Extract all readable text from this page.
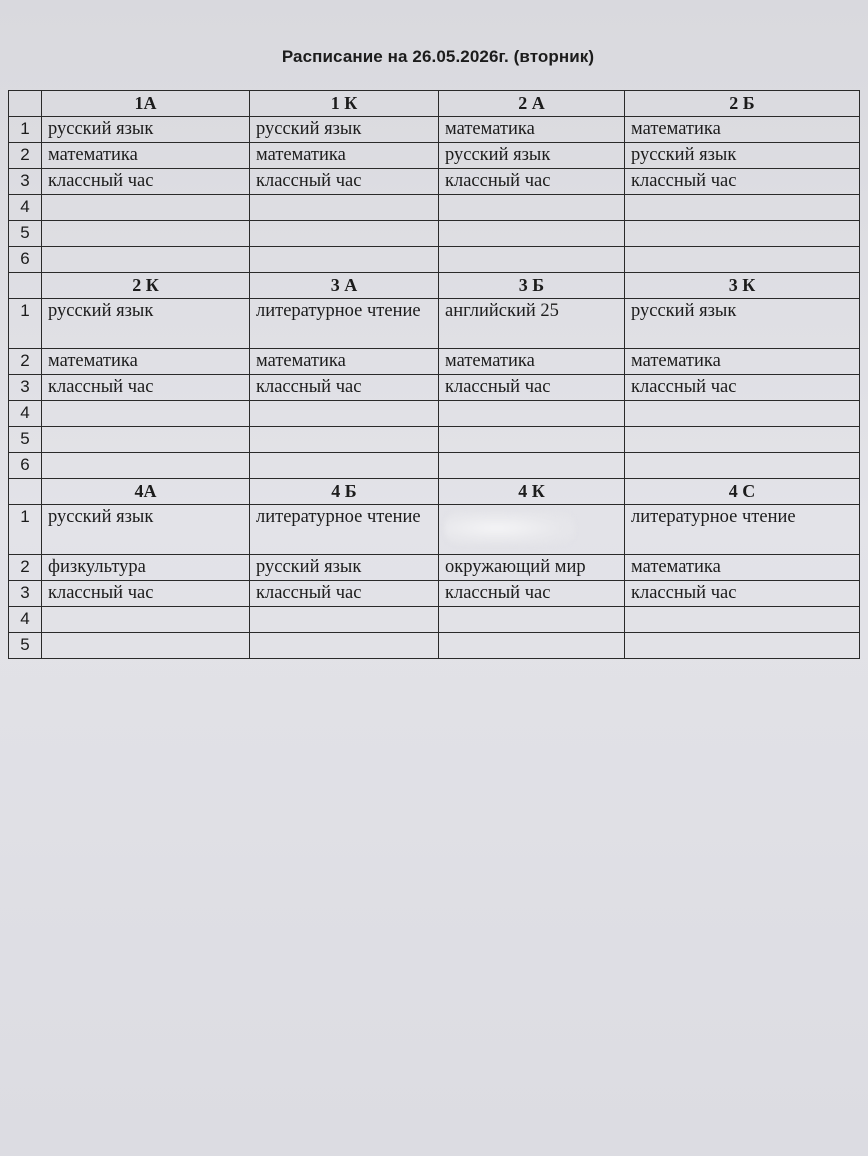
Расписание на 26.05.2026г. (вторник)
	1А	1 К	2 А	2 Б
1	русский язык	русский язык	математика	математика
2	математика	математика	русский язык	русский язык
3	классный час	классный час	классный час	классный час
4				
5				
6				
	2 К	3 А	3 Б	3 К
1	русский язык	литературное чтение	английский 25	русский язык
2	математика	математика	математика	математика
3	классный час	классный час	классный час	классный час
4				
5				
6				
	4А	4 Б	4 К	4 С
1	русский язык	литературное чтение		литературное чтение
2	физкультура	русский язык	окружающий мир	математика
3	классный час	классный час	классный час	классный час
4				
5				
